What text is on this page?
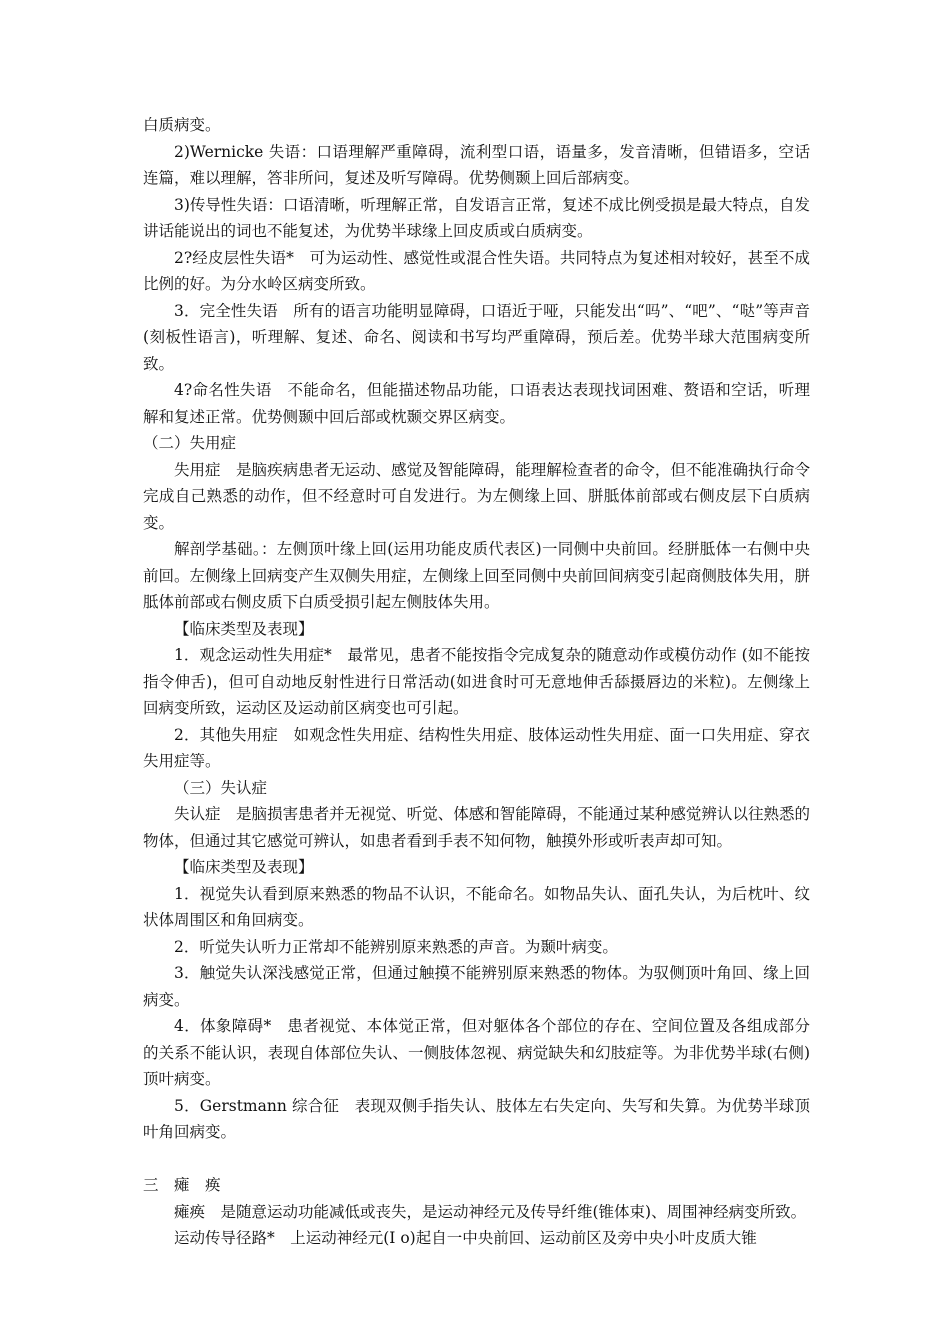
白质病变。

2)Wernicke 失语：口语理解严重障碍，流利型口语，语量多，发音清晰，但错语多，空话连篇，难以理解，答非所问，复述及听写障碍。优势侧颞上回后部病变。

3)传导性失语：口语清晰，听理解正常，自发语言正常，复述不成比例受损是最大特点，自发讲话能说出的词也不能复述，为优势半球缘上回皮质或白质病变。

2?经皮层性失语*　可为运动性、感觉性或混合性失语。共同特点为复述相对较好，甚至不成比例的好。为分水岭区病变所致。

3．完全性失语　所有的语言功能明显障碍，口语近于哑，只能发出“吗”、“吧”、“哒”等声音(刻板性语言)，听理解、复述、命名、阅读和书写均严重障碍，预后差。优势半球大范围病变所致。

4?命名性失语　不能命名，但能描述物品功能，口语表达表现找词困难、赘语和空话，听理解和复述正常。优势侧颞中回后部或枕颞交界区病变。

（二）失用症

失用症　是脑疾病患者无运动、感觉及智能障碍，能理解检查者的命令，但不能准确执行命令完成自己熟悉的动作，但不经意时可自发进行。为左侧缘上回、胼胝体前部或右侧皮层下白质病变。

解剖学基础。：左侧顶叶缘上回(运用功能皮质代表区)一同侧中央前回。经胼胝体一右侧中央前回。左侧缘上回病变产生双侧失用症，左侧缘上回至同侧中央前回间病变引起商侧肢体失用，胼胝体前部或右侧皮质下白质受损引起左侧肢体失用。

【临床类型及表现】

1．观念运动性失用症*　最常见，患者不能按指令完成复杂的随意动作或模仿动作 (如不能按指令伸舌)，但可自动地反射性进行日常活动(如进食时可无意地伸舌舔摄唇边的米粒)。左侧缘上回病变所致，运动区及运动前区病变也可引起。

2．其他失用症　如观念性失用症、结构性失用症、肢体运动性失用症、面一口失用症、穿衣失用症等。

（三）失认症

失认症　是脑损害患者并无视觉、听觉、体感和智能障碍，不能通过某种感觉辨认以往熟悉的物体，但通过其它感觉可辨认，如患者看到手表不知何物，触摸外形或听表声却可知。

【临床类型及表现】

1．视觉失认看到原来熟悉的物品不认识，不能命名。如物品失认、面孔失认，为后枕叶、纹状体周围区和角回病变。

2．听觉失认听力正常却不能辨别原来熟悉的声音。为颞叶病变。

3．触觉失认深浅感觉正常，但通过触摸不能辨别原来熟悉的物体。为驭侧顶叶角回、缘上回病变。

4．体象障碍*　患者视觉、本体觉正常，但对躯体各个部位的存在、空间位置及各组成部分的关系不能认识，表现自体部位失认、一侧肢体忽视、病觉缺失和幻肢症等。为非优势半球(右侧)顶叶病变。

5．Gerstmann 综合征　表现双侧手指失认、肢体左右失定向、失写和失算。为优势半球顶叶角回病变。

三　瘫　痪

瘫痪　是随意运动功能减低或丧失，是运动神经元及传导纤维(锥体束)、周围神经病变所致。

运动传导径路*　上运动神经元(I o)起自一中央前回、运动前区及旁中央小叶皮质大锥
